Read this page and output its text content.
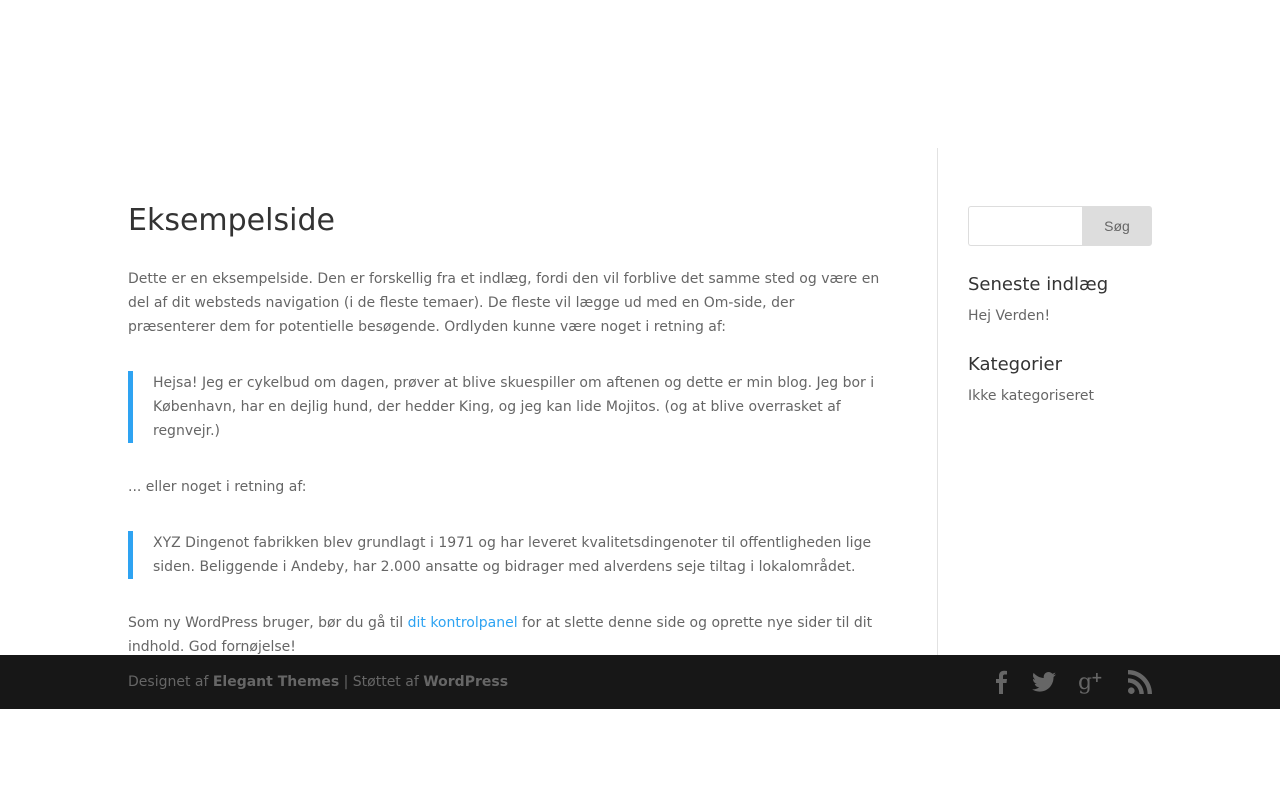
Eksempelside

Dette er en eksempelside. Den er forskellig fra et indlæg, fordi den vil forblive det samme sted og være en del af dit websteds navigation (i de fleste temaer). De fleste vil lægge ud med en Om-side, der præsenterer dem for potentielle besøgende. Ordlyden kunne være noget i retning af:

Hejsa! Jeg er cykelbud om dagen, prøver at blive skuespiller om aftenen og dette er min blog. Jeg bor i København, har en dejlig hund, der hedder King, og jeg kan lide Mojitos. (og at blive overrasket af regnvejr.)

... eller noget i retning af:

XYZ Dingenot fabrikken blev grundlagt i 1971 og har leveret kvalitetsdingenoter til offentligheden lige siden. Beliggende i Andeby, har 2.000 ansatte og bidrager med alverdens seje tiltag i lokalområdet.

Som ny WordPress bruger, bør du gå til dit kontrolpanel for at slette denne side og oprette nye sider til dit indhold. God fornøjelse!

Søg
Seneste indlæg
Hej Verden!
Kategorier
Ikke kategoriseret
Designet af Elegant Themes | Støttet af WordPress	g
+
